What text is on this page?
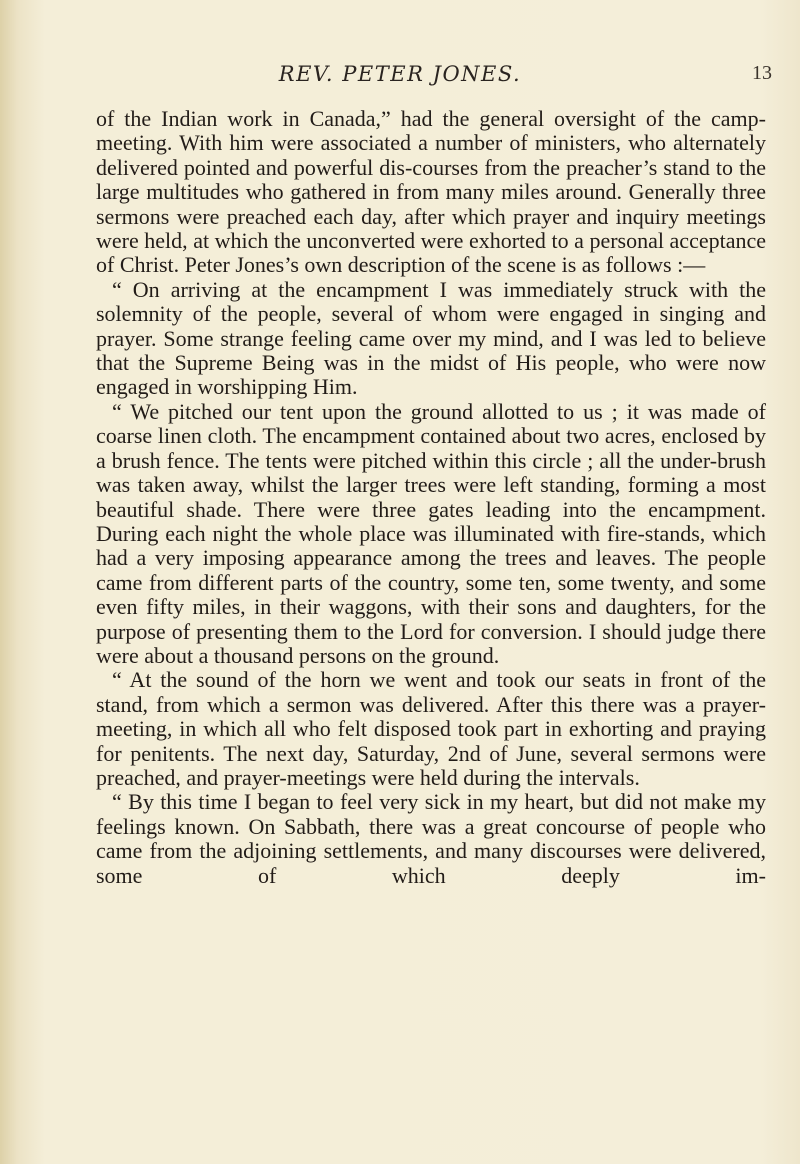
REV. PETER JONES.	13

of the Indian work in Canada,” had the general oversight of the camp-meeting. With him were associated a number of ministers, who alternately delivered pointed and powerful dis-courses from the preacher’s stand to the large multitudes who gathered in from many miles around. Generally three sermons were preached each day, after which prayer and inquiry meetings were held, at which the unconverted were exhorted to a personal acceptance of Christ. Peter Jones’s own description of the scene is as follows :—

“ On arriving at the encampment I was immediately struck with the solemnity of the people, several of whom were engaged in singing and prayer. Some strange feeling came over my mind, and I was led to believe that the Supreme Being was in the midst of His people, who were now engaged in worshipping Him.

“ We pitched our tent upon the ground allotted to us ; it was made of coarse linen cloth. The encampment contained about two acres, enclosed by a brush fence. The tents were pitched within this circle ; all the under-brush was taken away, whilst the larger trees were left standing, forming a most beautiful shade. There were three gates leading into the encampment. During each night the whole place was illuminated with fire-stands, which had a very imposing appearance among the trees and leaves. The people came from different parts of the country, some ten, some twenty, and some even fifty miles, in their waggons, with their sons and daughters, for the purpose of presenting them to the Lord for conversion. I should judge there were about a thousand persons on the ground.

“ At the sound of the horn we went and took our seats in front of the stand, from which a sermon was delivered. After this there was a prayer-meeting, in which all who felt disposed took part in exhorting and praying for penitents. The next day, Saturday, 2nd of June, several sermons were preached, and prayer-meetings were held during the intervals.

“ By this time I began to feel very sick in my heart, but did not make my feelings known. On Sabbath, there was a great concourse of people who came from the adjoining settlements, and many discourses were delivered, some of which deeply im-
